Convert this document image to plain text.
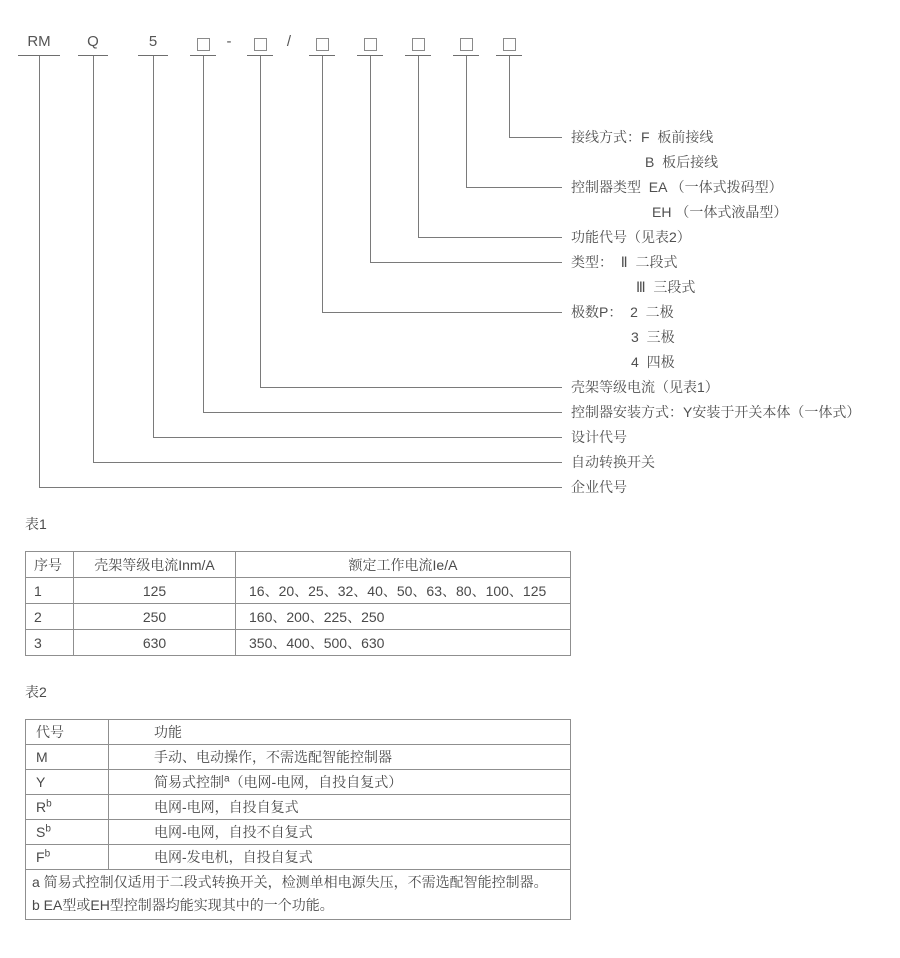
RM Q	5	-	/
接线方式：F  板前接线
B  板后接线
控制器类型  EA （一体式拨码型）
EH （一体式液晶型）
功能代号（见表2）
类型：  Ⅱ  二段式
Ⅲ  三段式
极数P：  2  二极
3  三极
4  四极
壳架等级电流（见表1）
控制器安装方式：Y安装于开关本体（一体式）
设计代号
自动转换开关
企业代号
表1
序号	壳架等级电流Inm/A	额定工作电流Ie/A
1	125	16、20、25、32、40、50、63、80、100、125
2	250	160、200、225、250
3	630	350、400、500、630
表2
代号	功能
M	手动、电动操作，不需选配智能控制器
Y	简易式控制$^a$（电网-电网，自投自复式）
$R^b$	电网-电网，自投自复式
$S^b$	电网-电网，自投不自复式
$F^b$	电网-发电机，自投自复式

a 简易式控制仅适用于二段式转换开关，检测单相电源失压，不需选配智能控制器。
b EA型或EH型控制器均能实现其中的一个功能。	
